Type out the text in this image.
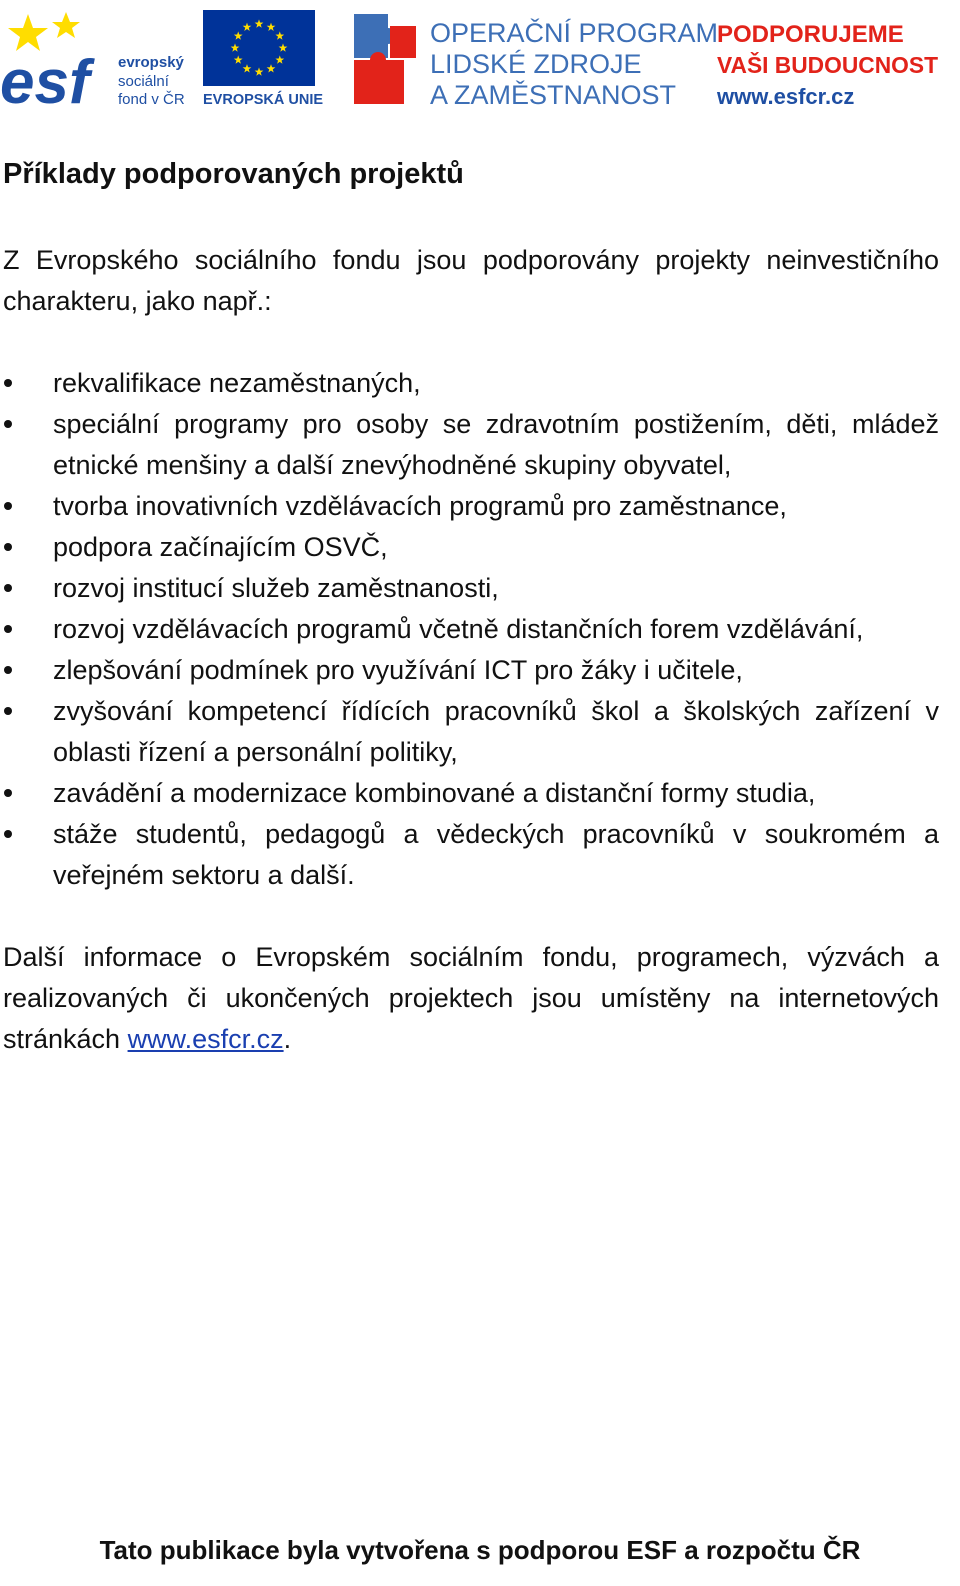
esf	evropský
sociální
fond v ČR EVROPSKÁ UNIE
OPERAČNÍ PROGRAM
LIDSKÉ ZDROJE
A ZAMĚSTNANOST
PODPORUJEME
VAŠI BUDOUCNOST
www.esfcr.cz
Příklady podporovaných projektů

Z Evropského sociálního fondu jsou podporovány projekty neinvestičního charakteru, jako např.:

rekvalifikace nezaměstnaných,
speciální programy pro osoby se zdravotním postižením, děti, mládež etnické menšiny a další znevýhodněné skupiny obyvatel,
tvorba inovativních vzdělávacích programů pro zaměstnance,
podpora začínajícím OSVČ,
rozvoj institucí služeb zaměstnanosti,
rozvoj vzdělávacích programů včetně distančních forem vzdělávání,
zlepšování podmínek pro využívání ICT pro žáky i učitele,
zvyšování kompetencí řídících pracovníků škol a školských zařízení v oblasti řízení a personální politiky,
zavádění a modernizace kombinované a distanční formy studia,
stáže studentů, pedagogů a vědeckých pracovníků v soukromém a veřejném sektoru a další.

Další informace o Evropském sociálním fondu, programech, výzvách a realizovaných či ukončených projektech jsou umístěny na internetových stránkách www.esfcr.cz.

Tato publikace byla vytvořena s podporou ESF a rozpočtu ČR
